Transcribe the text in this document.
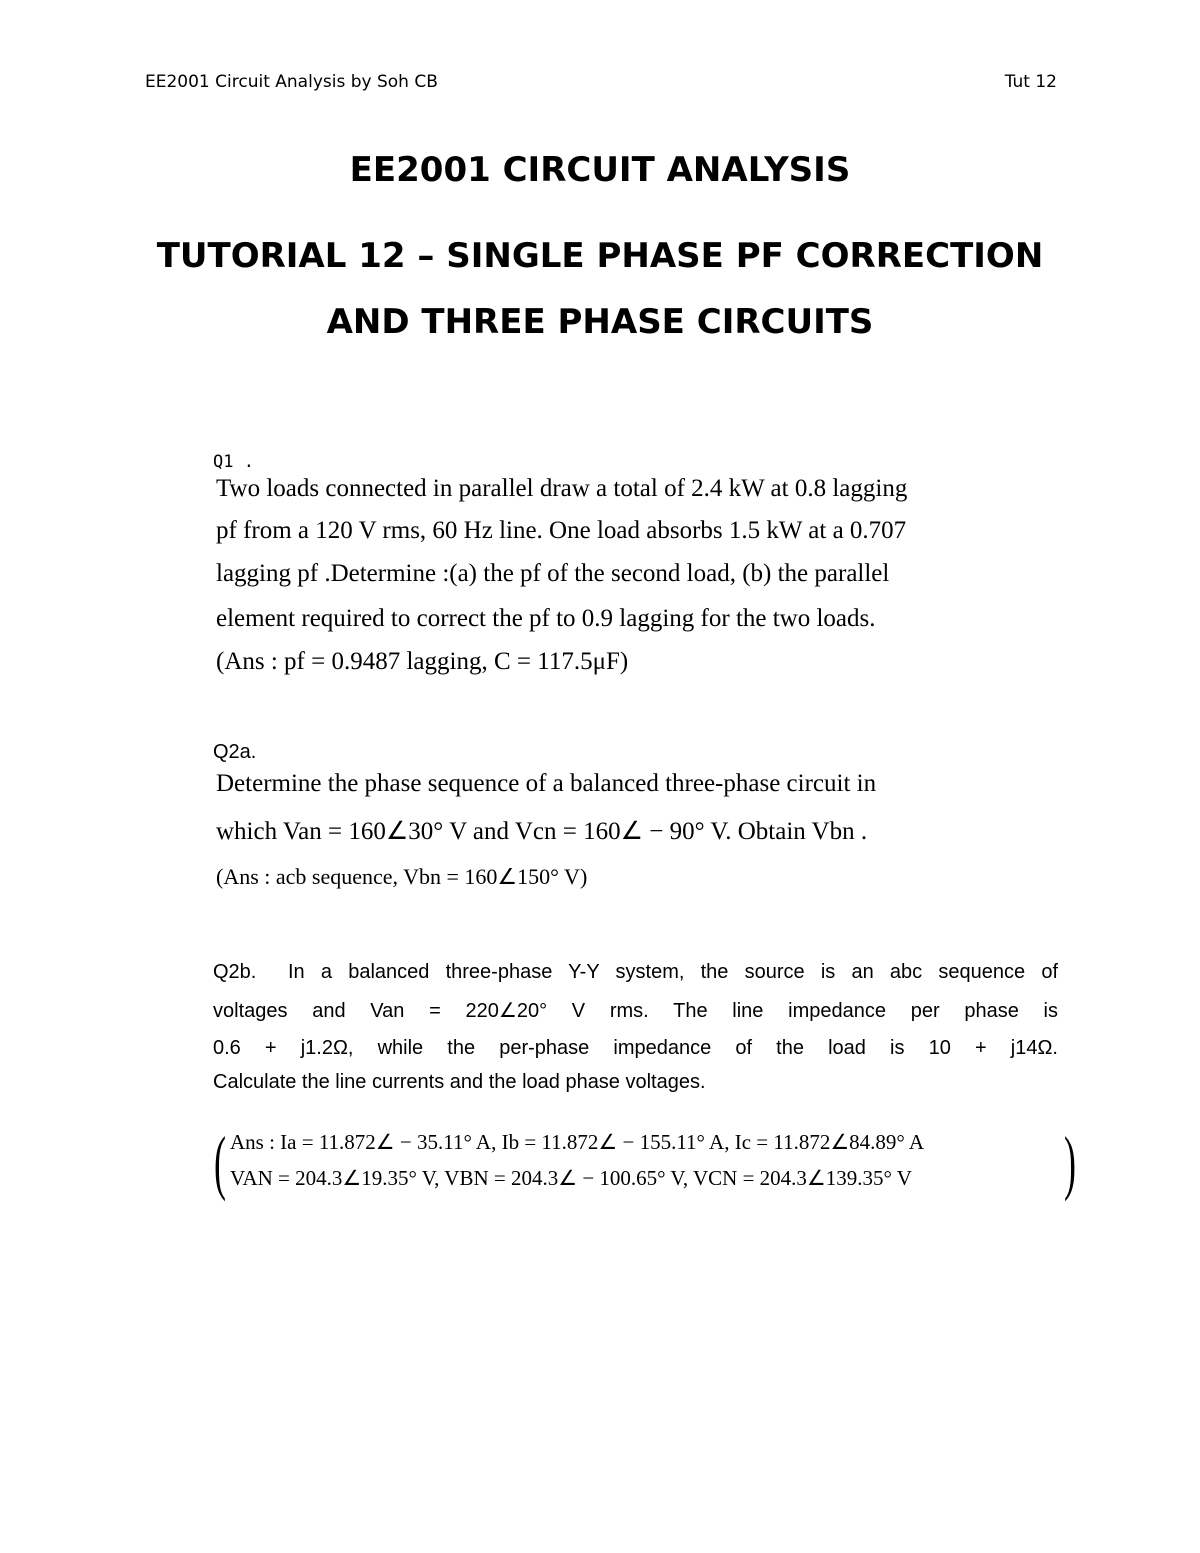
EE2001 Circuit Analysis by Soh CB	Tut 12
EE2001 CIRCUIT ANALYSIS
TUTORIAL 12 – SINGLE PHASE PF CORRECTION
AND THREE PHASE CIRCUITS
Q1 .
Two loads connected in parallel draw a total of 2.4 kW at 0.8 lagging
pf from a 120 V rms, 60 Hz line. One load absorbs 1.5 kW at a 0.707
lagging pf .Determine :(a) the pf of the second load, (b) the parallel
element required to correct the pf to 0.9 lagging for the two loads.
(Ans : pf = 0.9487 lagging, C = 117.5μF)
Q2a.
Determine the phase sequence of a balanced three-phase circuit in
which Van = 160∠30° V and Vcn = 160∠ − 90° V. Obtain Vbn .
(Ans : acb sequence, Vbn = 160∠150° V)
Q2b. In a balanced three-phase Y-Y system, the source is an abc sequence of
voltages and Van = 220∠20° V rms. The line impedance per phase is
0.6 + j1.2Ω, while the per-phase impedance of the load is 10 + j14Ω.
Calculate the line currents and the load phase voltages.
( Ans : Ia = 11.872∠ − 35.11° A, Ib = 11.872∠ − 155.11° A, Ic = 11.872∠84.89° A
VAN = 204.3∠19.35° V, VBN = 204.3∠ − 100.65° V, VCN = 204.3∠139.35° V )
